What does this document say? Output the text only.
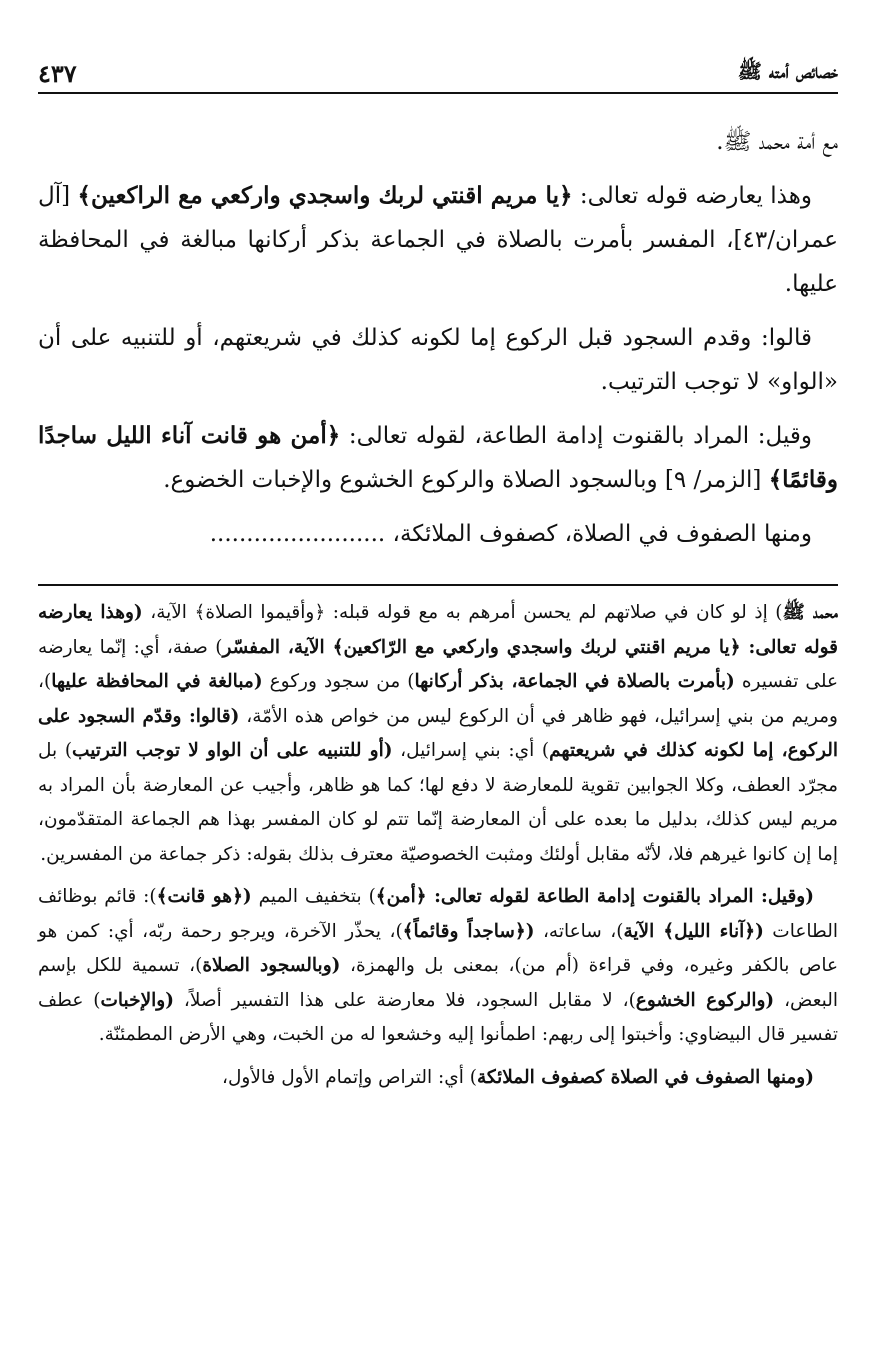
خصائص أمته ﷺ
٤٣٧

مع أمة محمد ﷺ.

وهذا يعارضه قوله تعالى: ﴿يا مريم اقنتي لربك واسجدي واركعي مع الراكعين﴾ [آل عمران/٤٣]، المفسر بأمرت بالصلاة في الجماعة بذكر أركانها مبالغة في المحافظة عليها.

قالوا: وقدم السجود قبل الركوع إما لكونه كذلك في شريعتهم، أو للتنبيه على أن «الواو» لا توجب الترتيب.

وقيل: المراد بالقنوت إدامة الطاعة، لقوله تعالى: ﴿أمن هو قانت آناء الليل ساجدًا وقائمًا﴾ [الزمر/ ٩] وبالسجود الصلاة والركوع الخشوع والإخبات الخضوع.

ومنها الصفوف في الصلاة، كصفوف الملائكة، ........................

محمد ﷺ) إذ لو كان في صلاتهم لم يحسن أمرهم به مع قوله قبله: ﴿وأقيموا الصلاة﴾ الآية، (وهذا يعارضه قوله تعالى: ﴿يا مريم اقنتي لربك واسجدي واركعي مع الرّاكعين﴾ الآية، المفسّر) صفة، أي: إنّما يعارضه على تفسيره (بأمرت بالصلاة في الجماعة، بذكر أركانها) من سجود وركوع (مبالغة في المحافظة عليها)، ومريم من بني إسرائيل، فهو ظاهر في أن الركوع ليس من خواص هذه الأمّة، (قالوا: وقدّم السجود على الركوع، إما لكونه كذلك في شريعتهم) أي: بني إسرائيل، (أو للتنبيه على أن الواو لا توجب الترتيب) بل مجرّد العطف، وكلا الجوابين تقوية للمعارضة لا دفع لها؛ كما هو ظاهر، وأجيب عن المعارضة بأن المراد به مريم ليس كذلك، بدليل ما بعده على أن المعارضة إنّما تتم لو كان المفسر بهذا هم الجماعة المتقدّمون، إما إن كانوا غيرهم فلا، لأنّه مقابل أولئك ومثبت الخصوصيّة معترف بذلك بقوله: ذكر جماعة من المفسرين.

(وقيل: المراد بالقنوت إدامة الطاعة لقوله تعالى: ﴿أمن﴾) بتخفيف الميم (﴿هو قانت﴾): قائم بوظائف الطاعات (﴿آناء الليل﴾ الآية)، ساعاته، (﴿ساجداً وقائماً﴾)، يحذّر الآخرة، ويرجو رحمة ربّه، أي: كمن هو عاص بالكفر وغيره، وفي قراءة (أم من)، بمعنى بل والهمزة، (وبالسجود الصلاة)، تسمية للكل بإسم البعض، (والركوع الخشوع)، لا مقابل السجود، فلا معارضة على هذا التفسير أصلاً، (والإخبات) عطف تفسير قال البيضاوي: وأخبتوا إلى ربهم: اطمأنوا إليه وخشعوا له من الخبت، وهي الأرض المطمئنّة.

(ومنها الصفوف في الصلاة كصفوف الملائكة) أي: التراص وإتمام الأول فالأول،
